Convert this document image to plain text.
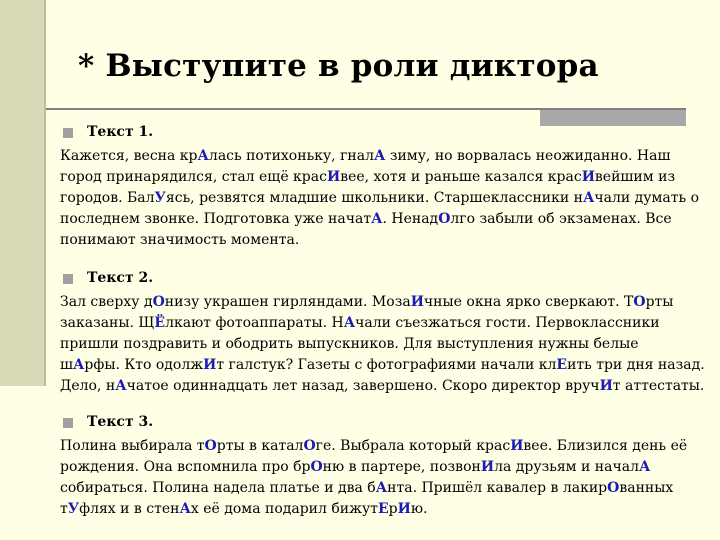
* Выступите в роли диктора
Текст 1.
Кажется, весна крАлась потихоньку, гналА зиму, но ворвалась неожиданно. Наш
город принарядился, стал ещё красИвее, хотя и раньше казался красИвейшим из
городов. БалУясь, резвятся младшие школьники. Старшеклассники нАчали думать о
последнем звонке. Подготовка уже начатА. НенадОлго забыли об экзаменах. Все
понимают значимость момента.
Текст 2.
Зал сверху дОнизу украшен гирляндами. МозаИчные окна ярко сверкают. ТОрты
заказаны. ЩЁлкают фотоаппараты. НАчали съезжаться гости. Первоклассники
пришли поздравить и ободрить выпускников. Для выступления нужны белые
шАрфы. Кто одолжИт галстук? Газеты с фотографиями начали клЕить три дня назад.
Дело, нАчатое одиннадцать лет назад, завершено. Скоро директор вручИт аттестаты.
Текст 3.
Полина выбирала тОрты в каталОге. Выбрала который красИвее. Близился день её
рождения. Она вспомнила про брОню в партере, позвонИла друзьям и началА
собираться. Полина надела платье и два бАнта. Пришёл кавалер в лакирОванных
тУфлях и в стенАх её дома подарил бижутЕрИю.
